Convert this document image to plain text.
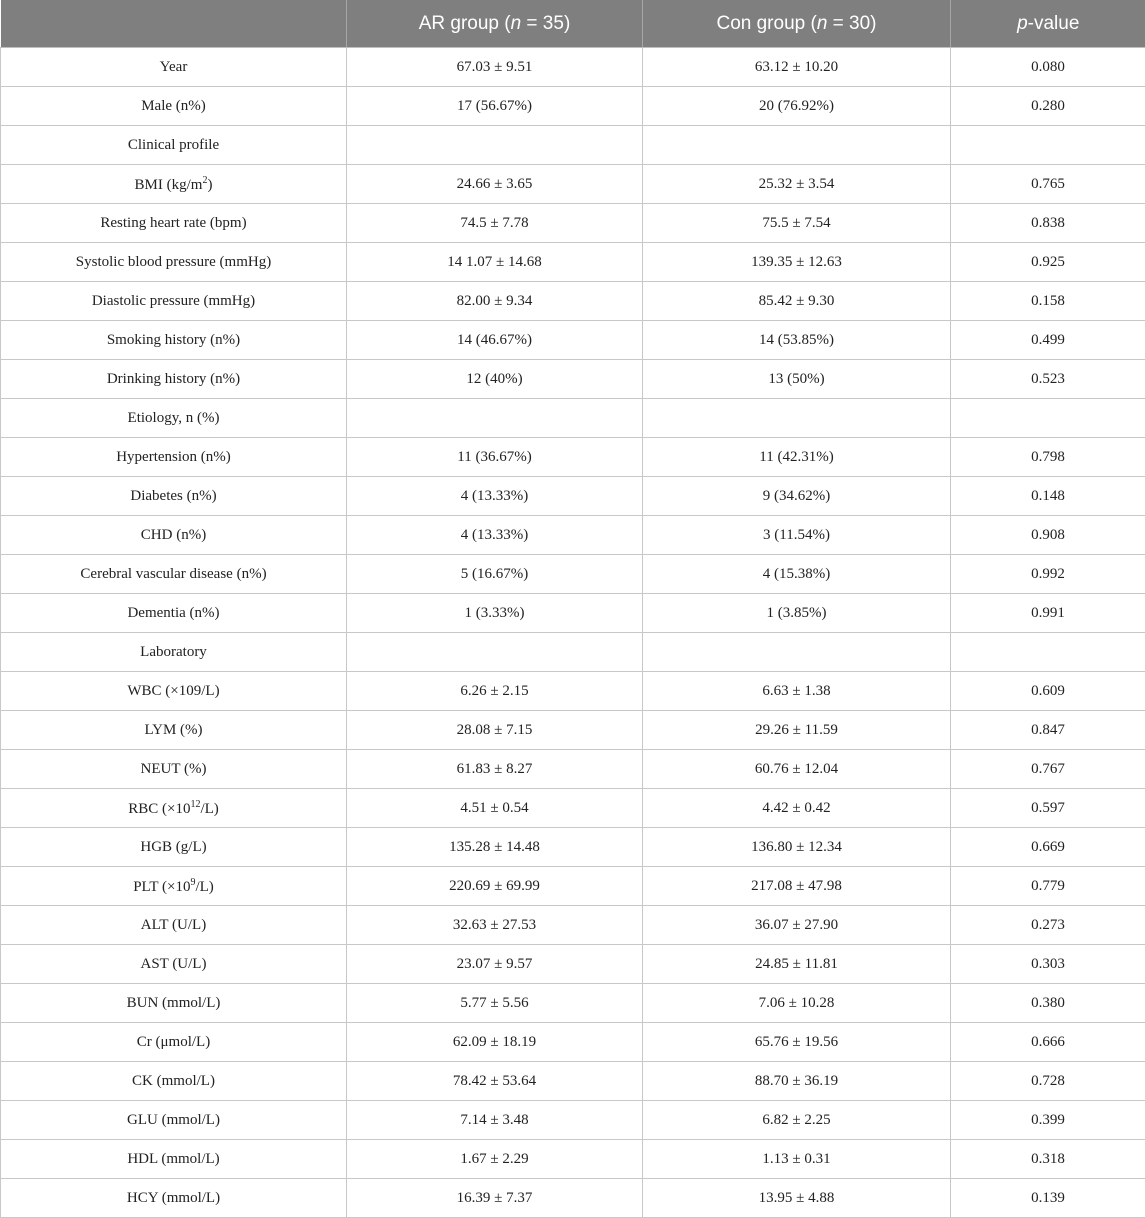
	AR group (n = 35)	Con group (n = 30)	p-value
Year	67.03 ± 9.51	63.12 ± 10.20	0.080
Male (n%)	17 (56.67%)	20 (76.92%)	0.280
Clinical profile			
BMI $(kg/m^2)$	24.66 ± 3.65	25.32 ± 3.54	0.765
Resting heart rate (bpm)	74.5 ± 7.78	75.5 ± 7.54	0.838
Systolic blood pressure (mmHg)	14 1.07 ± 14.68	139.35 ± 12.63	0.925
Diastolic pressure (mmHg)	82.00 ± 9.34	85.42 ± 9.30	0.158
Smoking history (n%)	14 (46.67%)	14 (53.85%)	0.499
Drinking history (n%)	12 (40%)	13 (50%)	0.523
Etiology, n (%)			
Hypertension (n%)	11 (36.67%)	11 (42.31%)	0.798
Diabetes (n%)	4 (13.33%)	9 (34.62%)	0.148
CHD (n%)	4 (13.33%)	3 (11.54%)	0.908
Cerebral vascular disease (n%)	5 (16.67%)	4 (15.38%)	0.992
Dementia (n%)	1 (3.33%)	1 (3.85%)	0.991
Laboratory			
WBC (×109/L)	6.26 ± 2.15	6.63 ± 1.38	0.609
LYM (%)	28.08 ± 7.15	29.26 ± 11.59	0.847
NEUT (%)	61.83 ± 8.27	60.76 ± 12.04	0.767
RBC $(\times 10^{12}/L)$	4.51 ± 0.54	4.42 ± 0.42	0.597
HGB (g/L)	135.28 ± 14.48	136.80 ± 12.34	0.669
PLT $(\times 10^9/L)$	220.69 ± 69.99	217.08 ± 47.98	0.779
ALT (U/L)	32.63 ± 27.53	36.07 ± 27.90	0.273
AST (U/L)	23.07 ± 9.57	24.85 ± 11.81	0.303
BUN (mmol/L)	5.77 ± 5.56	7.06 ± 10.28	0.380
Cr (μmol/L)	62.09 ± 18.19	65.76 ± 19.56	0.666
CK (mmol/L)	78.42 ± 53.64	88.70 ± 36.19	0.728
GLU (mmol/L)	7.14 ± 3.48	6.82 ± 2.25	0.399
HDL (mmol/L)	1.67 ± 2.29	1.13 ± 0.31	0.318
HCY (mmol/L)	16.39 ± 7.37	13.95 ± 4.88	0.139
